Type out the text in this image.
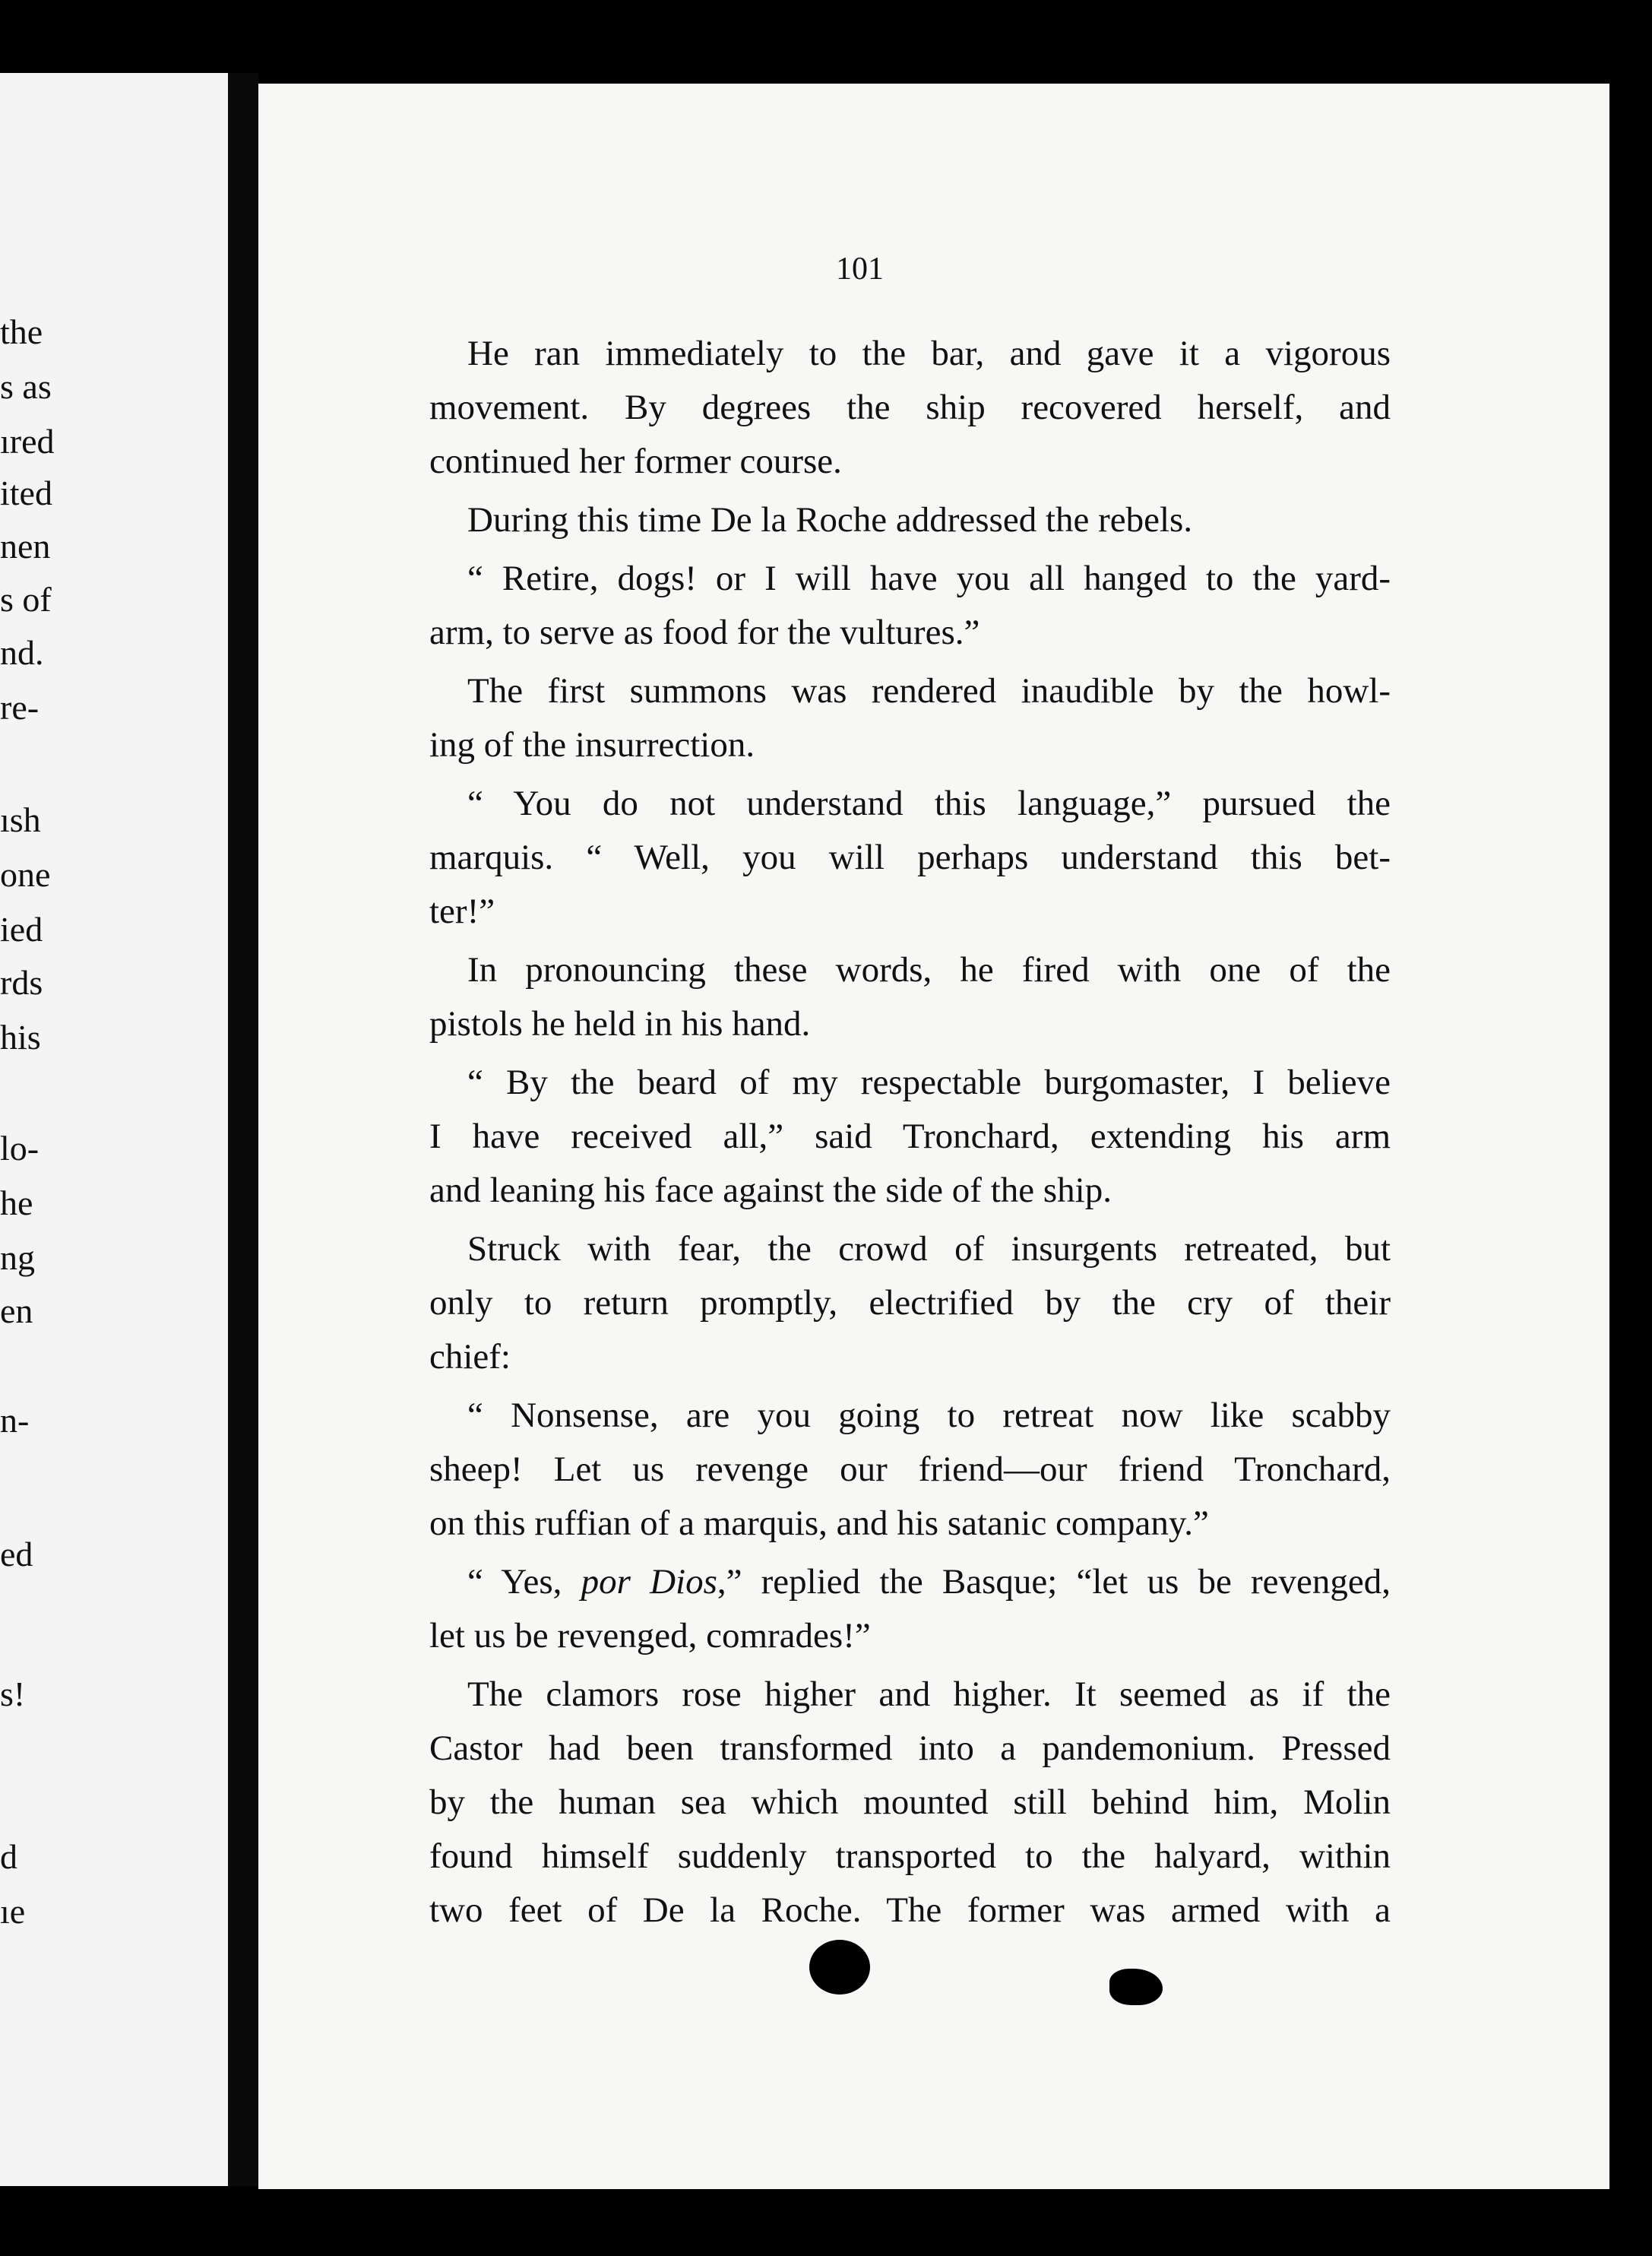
the
s as
ıred
ited
nen
s of
nd.
re-
ısh
one
ied
rds
his
lo-
he
ng
en
n-
ed
s!
d
ıe
101
He ran immediately to the bar, and gave it a vigorous
movement. By degrees the ship recovered herself, and
continued her former course.
During this time De la Roche addressed the rebels.
“ Retire, dogs! or I will have you all hanged to the yard-
arm, to serve as food for the vultures.”
The first summons was rendered inaudible by the howl-
ing of the insurrection.
“ You do not understand this language,” pursued the
marquis. “ Well, you will perhaps understand this bet-
ter!”
In pronouncing these words, he fired with one of the
pistols he held in his hand.
“ By the beard of my respectable burgomaster, I believe
I have received all,” said Tronchard, extending his arm
and leaning his face against the side of the ship.
Struck with fear, the crowd of insurgents retreated, but
only to return promptly, electrified by the cry of their
chief:
“ Nonsense, are you going to retreat now like scabby
sheep! Let us revenge our friend—our friend Tronchard,
on this ruffian of a marquis, and his satanic company.”
“ Yes, por Dios,” replied the Basque; “let us be revenged,
let us be revenged, comrades!”
The clamors rose higher and higher. It seemed as if the
Castor had been transformed into a pandemonium. Pressed
by the human sea which mounted still behind him, Molin
found himself suddenly transported to the halyard, within
two feet of De la Roche. The former was armed with a
